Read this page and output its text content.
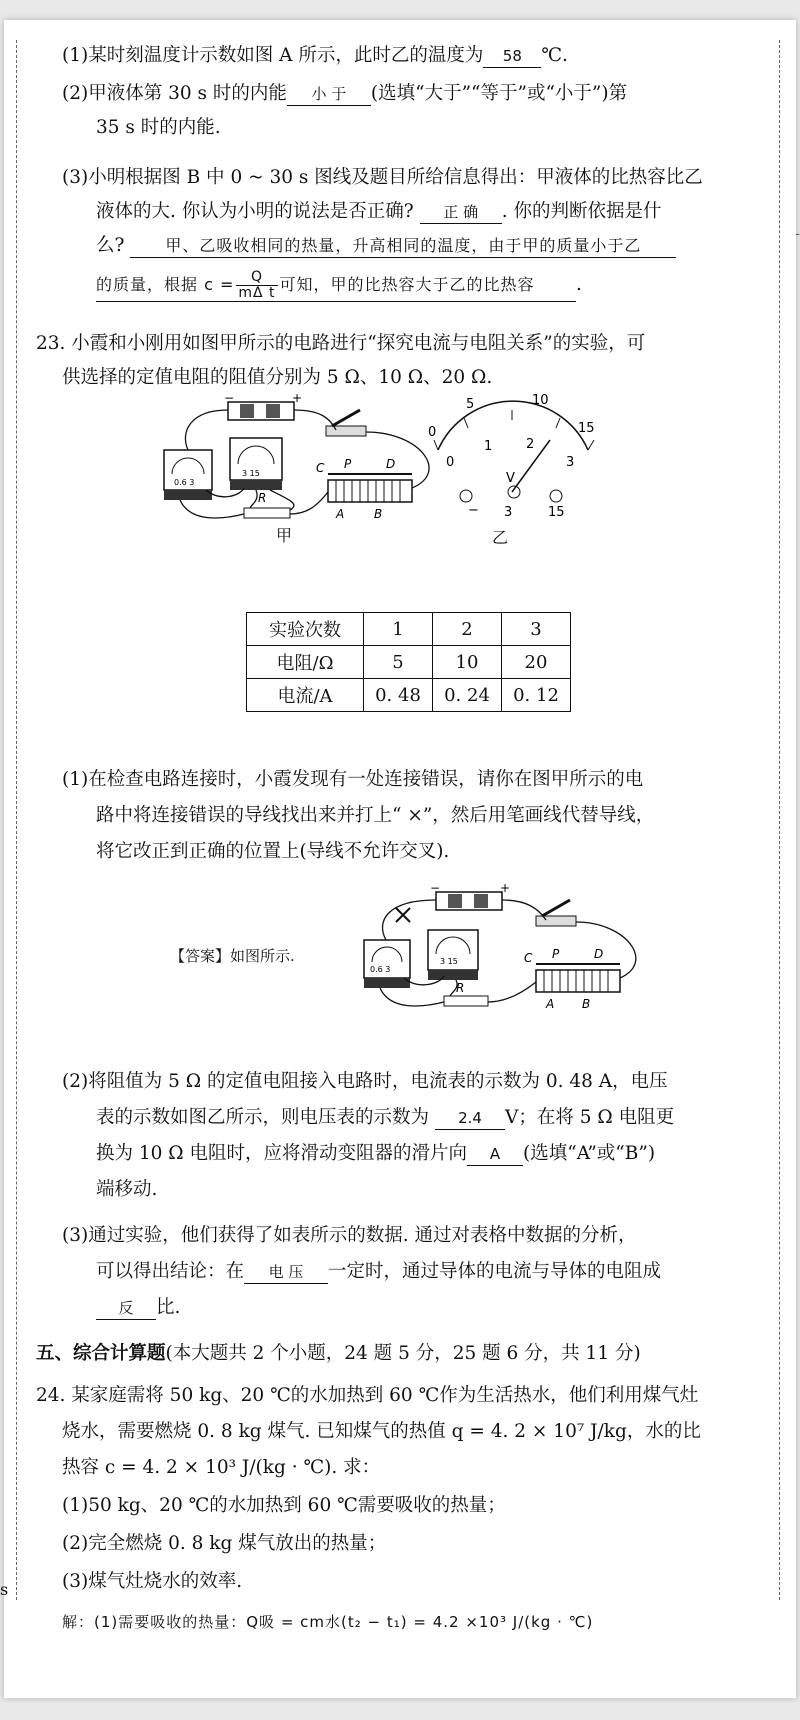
s
-
(1)某时刻温度计示数如图 A 所示，此时乙的温度为 58 ℃.
(2)甲液体第 30 s 时的内能 小 于 (选填“大于”“等于”或“小于”)第
35 s 时的内能.
(3)小明根据图 B 中 0 ~ 30 s 图线及题目所给信息得出：甲液体的比热容比乙
液体的大. 你认为小明的说法是否正确? 正 确 . 你的判断依据是什
么?	甲、乙吸收相同的热量，升高相同的温度，由于甲的质量小于乙
的质量，根据 $c = \frac{Q}{\text{mΔ t}}$ 可知，甲的比热容大于乙的比热容 .
23. 小霞和小刚用如图甲所示的电路进行“探究电流与电阻关系”的实验，可
供选择的定值电阻的阻值分别为 5 Ω、10 Ω、20 Ω.
−	+
0.6 3
3 15
R
C P	D
A B
甲
0
5	10
15
0
1	2
3
V
− 3	15
乙
实验次数	1	2	3
电阻/Ω	5	10	20
电流/A	0. 48	0. 24	0. 12
(1)在检查电路连接时，小霞发现有一处连接错误，请你在图甲所示的电
路中将连接错误的导线找出来并打上“ ×”，然后用笔画线代替导线，
将它改正到正确的位置上(导线不允许交叉).
【答案】如图所示.
−	+
0.6 3
3 15
R
C P	D
A B
(2)将阻值为 5 Ω 的定值电阻接入电路时，电流表的示数为 0. 48 A，电压
表的示数如图乙所示，则电压表的示数为 2.4 V；在将 5 Ω 电阻更
换为 10 Ω 电阻时，应将滑动变阻器的滑片向 A (选填“A”或“B”)
端移动.
(3)通过实验，他们获得了如表所示的数据. 通过对表格中数据的分析，
可以得出结论：在 电 压 一定时，通过导体的电流与导体的电阻成
反 比.
五、综合计算题(本大题共 2 个小题，24 题 5 分，25 题 6 分，共 11 分)
24. 某家庭需将 50 kg、20 ℃的水加热到 60 ℃作为生活热水，他们利用煤气灶
烧水，需要燃烧 0. 8 kg 煤气. 已知煤气的热值 q = 4. 2 × 10⁷ J/kg，水的比
热容 c = 4. 2 × 10³ J/(kg · ℃). 求：
(1)50 kg、20 ℃的水加热到 60 ℃需要吸收的热量；
(2)完全燃烧 0. 8 kg 煤气放出的热量；
(3)煤气灶烧水的效率.
解：(1)需要吸收的热量：Q吸 = cm水(t₂ − t₁) = 4.2 ×10³ J/(kg · ℃)
